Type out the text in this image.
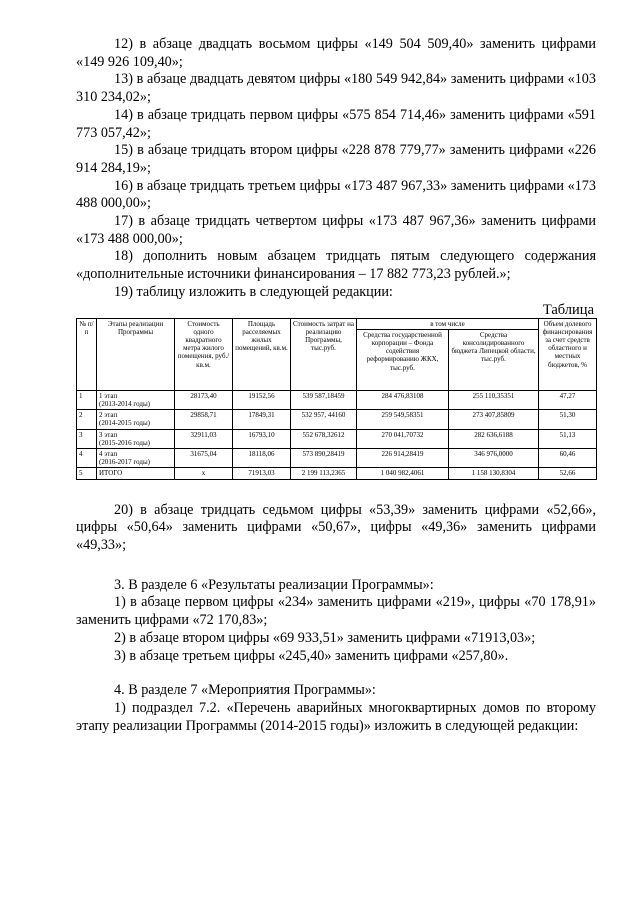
12) в абзаце двадцать восьмом цифры «149 504 509,40» заменить цифрами «149 926 109,40»;

13) в абзаце двадцать девятом цифры «180 549 942,84» заменить цифрами «103 310 234,02»;

14) в абзаце тридцать первом цифры «575 854 714,46» заменить цифрами «591 773 057,42»;

15) в абзаце тридцать втором цифры «228 878 779,77» заменить цифрами «226 914 284,19»;

16) в абзаце тридцать третьем цифры «173 487 967,33» заменить цифрами «173 488 000,00»;

17) в абзаце тридцать четвертом цифры «173 487 967,36» заменить цифрами «173 488 000,00»;

18) дополнить новым абзацем тридцать пятым следующего содержания «дополнительные источники финансирования – 17 882 773,23 рублей.»;

19) таблицу изложить в следующей редакции:

Таблица

№ п/п	Этапы реализации Программы	Стоимость одного квадратного метра жилого помещения, руб./кв.м.	Площадь расселяемых жилых помещений, кв.м.	Стоимость затрат на реализацию Программы, тыс.руб.	в том числе		Объем долевого финансирования за счет средств областного и местных бюджетов, %
					Средства государственной корпорации – Фонда содействия реформированию ЖКХ, тыс.руб.	Средства консолидированного бюджета Липецкой области, тыс.руб.	
1	1 этап
(2013-2014 годы)	28173,40	19152,56	539 587,18459	284 476,83108	255 110,35351	47,27
2	2 этап
(2014-2015 годы)	29858,71	17849,31	532 957, 44160	259 549,58351	273 407,85809	51,30
3	3 этап
(2015-2016 годы)	32911,03	16793,10	552 678,32612	270 041,70732	282 636,6188	51,13
4	4 этап
(2016-2017 годы)	31675,04	18118,06	573 890,28419	226 914,28419	346 976,0000	60,46
5	ИТОГО	х	71913,03	2 199 113,2365	1 040 982,4061	1 158 130,8304	52,66

20) в абзаце тридцать седьмом цифры «53,39» заменить цифрами «52,66», цифры «50,64» заменить цифрами «50,67», цифры «49,36» заменить цифрами «49,33»;

3. В разделе 6 «Результаты реализации Программы»:

1) в абзаце первом цифры «234» заменить цифрами «219», цифры «70 178,91» заменить цифрами «72 170,83»;

2) в абзаце втором цифры «69 933,51» заменить цифрами «71913,03»;

3) в абзаце третьем цифры «245,40» заменить цифрами «257,80».

4. В разделе 7 «Мероприятия Программы»:

1) подраздел 7.2. «Перечень аварийных многоквартирных домов по второму этапу реализации Программы (2014-2015 годы)» изложить в следующей редакции:
